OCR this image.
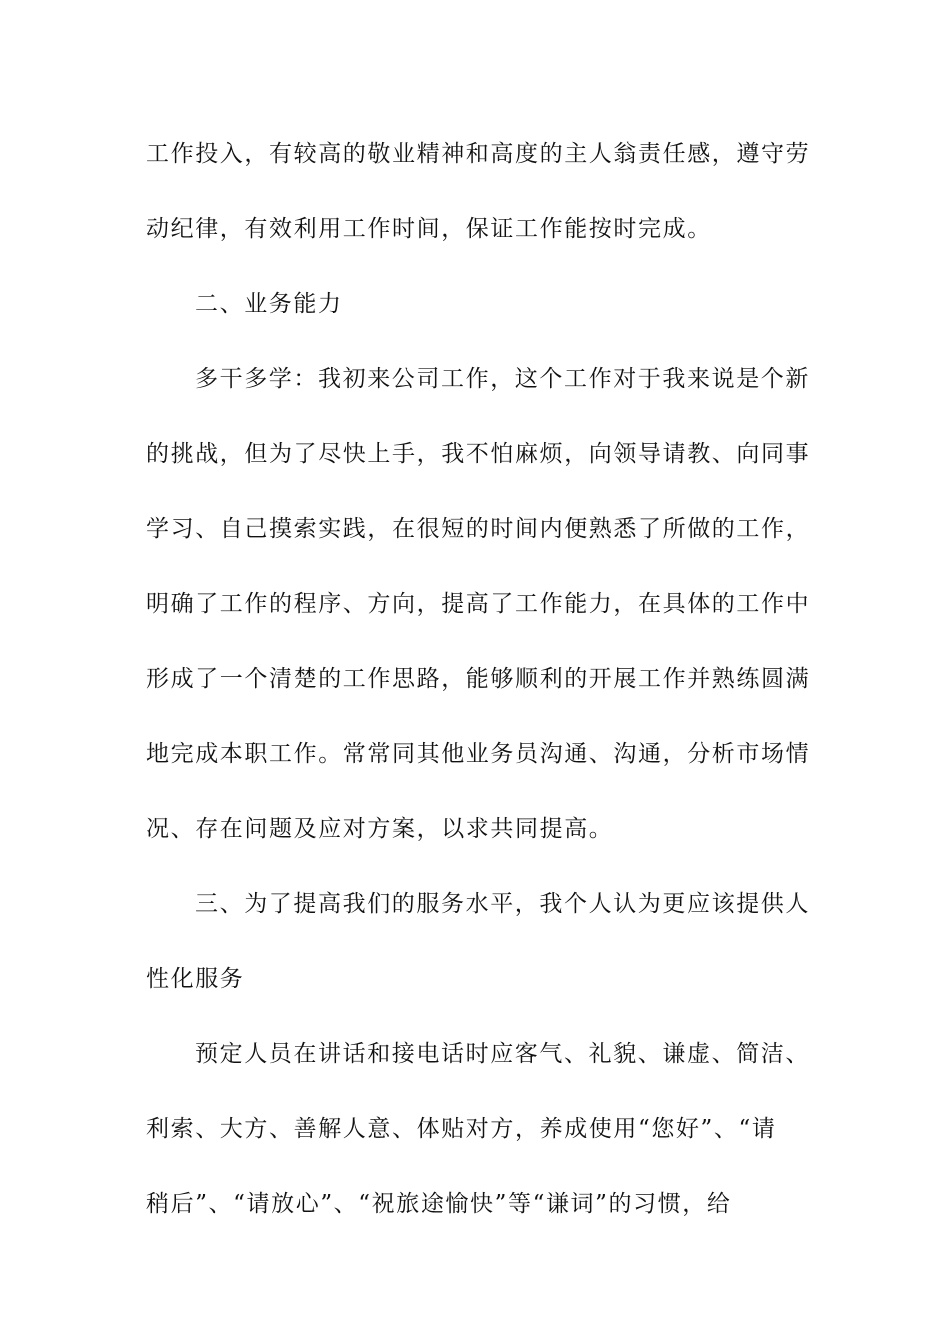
工作投入，有较高的敬业精神和高度的主人翁责任感，遵守劳
动纪律，有效利用工作时间，保证工作能按时完成。
二、业务能力
多干多学：我初来公司工作，这个工作对于我来说是个新
的挑战，但为了尽快上手，我不怕麻烦，向领导请教、向同事
学习、自己摸索实践，在很短的时间内便熟悉了所做的工作，
明确了工作的程序、方向，提高了工作能力，在具体的工作中
形成了一个清楚的工作思路，能够顺利的开展工作并熟练圆满
地完成本职工作。常常同其他业务员沟通、沟通，分析市场情
况、存在问题及应对方案，以求共同提高。
三、为了提高我们的服务水平，我个人认为更应该提供人
性化服务
预定人员在讲话和接电话时应客气、礼貌、谦虚、简洁、
利索、大方、善解人意、体贴对方，养成使用“您好”、“请
稍后”、“请放心”、“祝旅途愉快”等“谦词”的习惯，给
